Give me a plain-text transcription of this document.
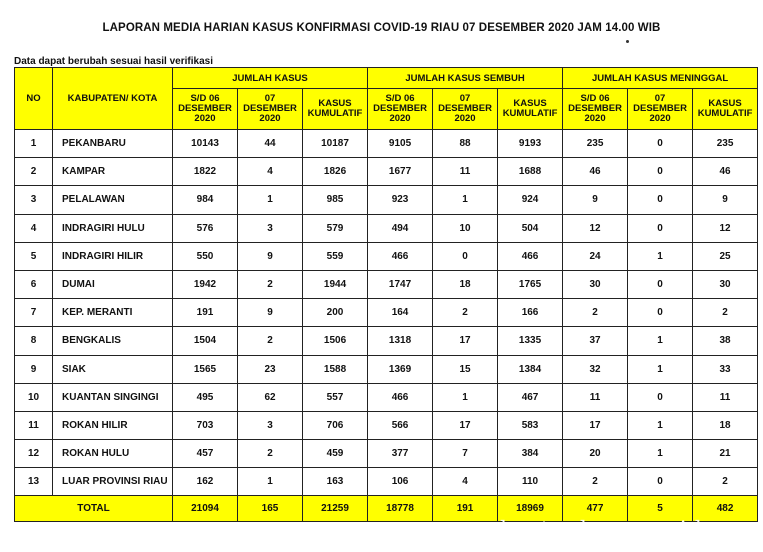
LAPORAN MEDIA HARIAN KASUS KONFIRMASI COVID-19 RIAU 07 DESEMBER 2020 JAM 14.00 WIB
Data dapat berubah sesuai hasil verifikasi
NO	KABUPATEN/ KOTA	JUMLAH KASUS			JUMLAH KASUS SEMBUH			JUMLAH KASUS MENINGGAL		

		S/D 06
DESEMBER
2020	07
DESEMBER
2020	KASUS
KUMULATIF	S/D 06
DESEMBER
2020	07
DESEMBER
2020	KASUS
KUMULATIF	S/D 06
DESEMBER
2020	07
DESEMBER
2020	KASUS
KUMULATIF

1	PEKANBARU	10143	44	10187	9105	88	9193	235	0	235
2	KAMPAR	1822	4	1826	1677	11	1688	46	0	46
3	PELALAWAN	984	1	985	923	1	924	9	0	9
4	INDRAGIRI HULU	576	3	579	494	10	504	12	0	12
5	INDRAGIRI HILIR	550	9	559	466	0	466	24	1	25
6	DUMAI	1942	2	1944	1747	18	1765	30	0	30
7	KEP. MERANTI	191	9	200	164	2	166	2	0	2
8	BENGKALIS	1504	2	1506	1318	17	1335	37	1	38
9	SIAK	1565	23	1588	1369	15	1384	32	1	33
10	KUANTAN SINGINGI	495	62	557	466	1	467	11	0	11
11	ROKAN HILIR	703	3	706	566	17	583	17	1	18
12	ROKAN HULU	457	2	459	377	7	384	20	1	21
13	LUAR PROVINSI RIAU	162	1	163	106	4	110	2	0	2
TOTAL		21094	165	21259	18778	191	18969	477	5	482
bertuahpos.co.id
